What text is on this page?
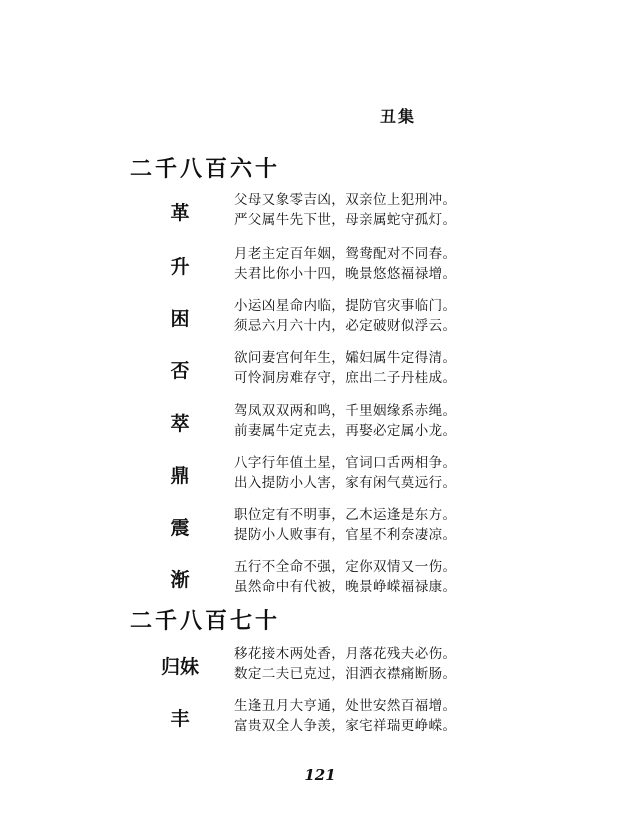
丑集
二千八百六十
革
父母又象零吉凶，双亲位上犯刑冲。
严父属牛先下世，母亲属蛇守孤灯。
升
月老主定百年姻，鸳鸯配对不同春。
夫君比你小十四，晚景悠悠福禄增。
困
小运凶星命内临，提防官灾事临门。
须忌六月六十内，必定破财似浮云。
否
欲问妻宫何年生，孀妇属牛定得清。
可怜洞房难存守，庶出二子丹桂成。
萃
驾凤双双两和鸣，千里姻缘系赤绳。
前妻属牛定克去，再娶必定属小龙。
鼎
八字行年值土星，官词口舌两相争。
出入提防小人害，家有闲气莫远行。
震
职位定有不明事，乙木运逢是东方。
提防小人败事有，官星不利奈凄凉。
渐
五行不全命不强，定你双情又一伤。
虽然命中有代被，晚景峥嵘福禄康。
二千八百七十
归妹
移花接木两处香，月落花残夫必伤。
数定二夫已克过，泪洒衣襟痛断肠。
丰
生逢丑月大亨通，处世安然百福增。
富贵双全人争羡，家宅祥瑞更峥嵘。
121
